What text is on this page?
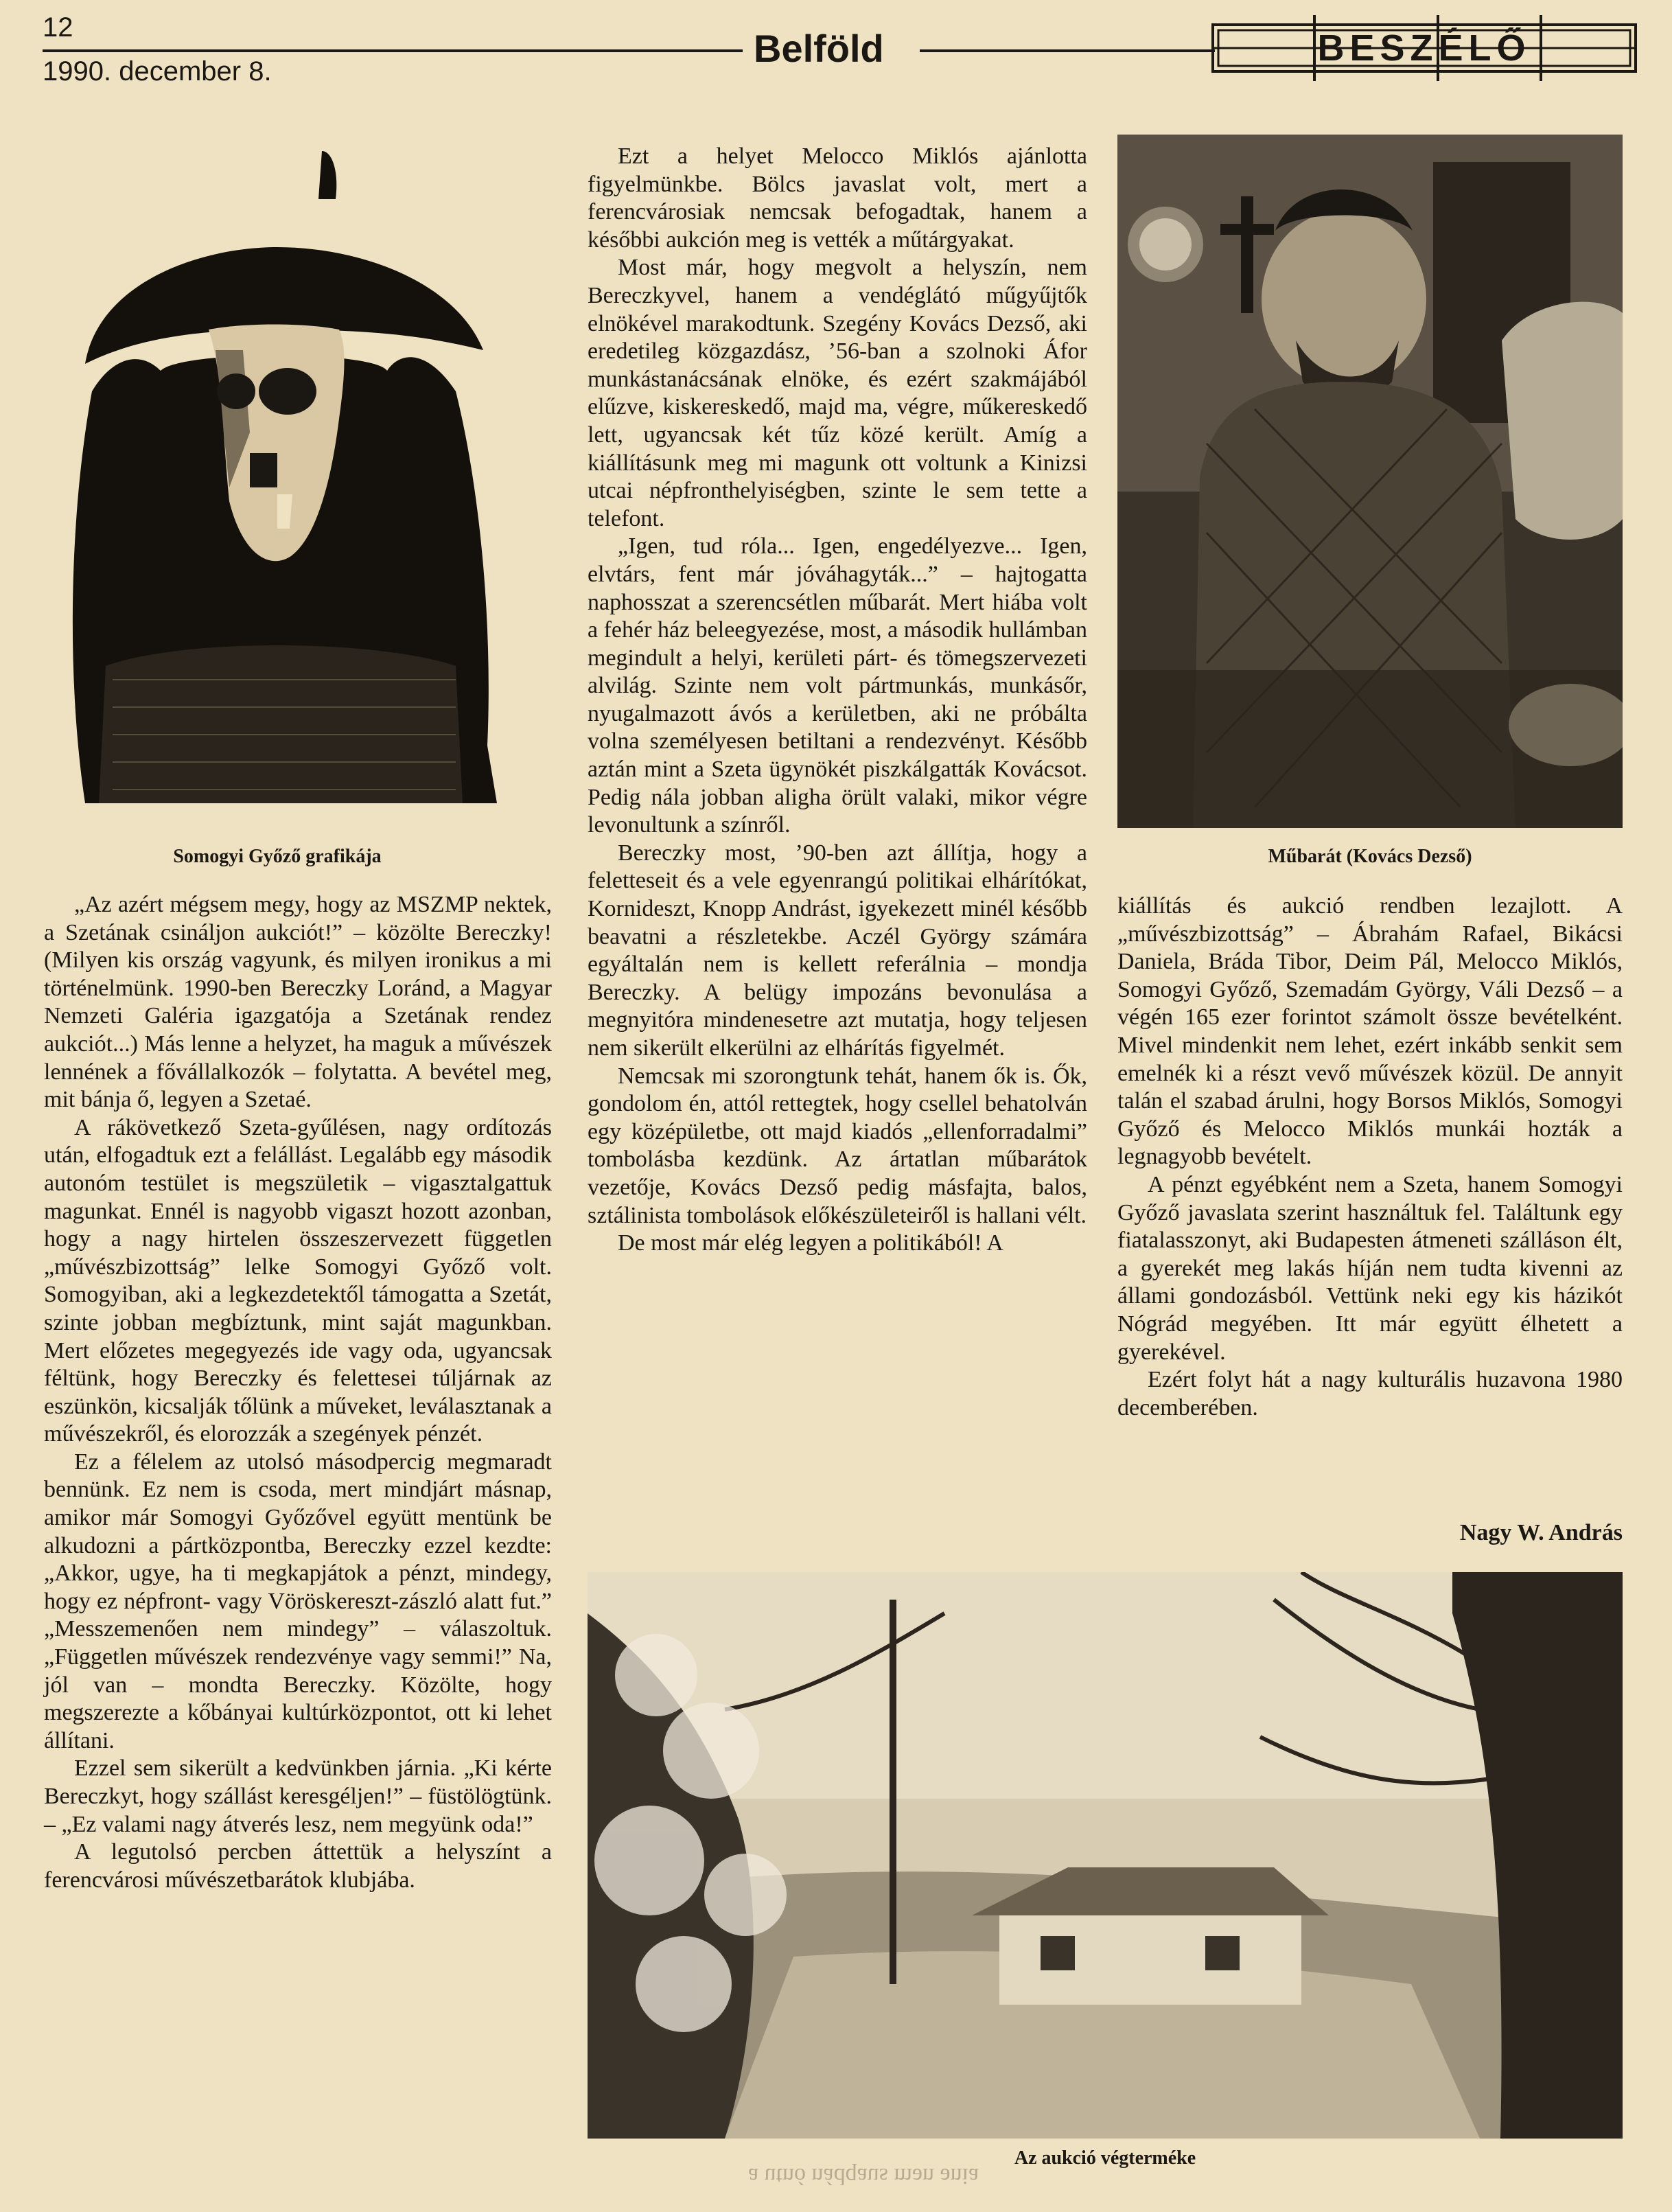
12
1990. december 8.
Belföld	BESZÉLŐ
Somogyi Győző grafikája	Műbarát (Kovács Dezső)

„Az azért mégsem megy, hogy az MSZMP nektek, a Szetának csináljon aukciót!” – közölte Bereczky! (Milyen kis ország vagyunk, és milyen ironikus a mi történelmünk. 1990-ben Bereczky Loránd, a Magyar Nemzeti Galéria igazgatója a Szetának rendez aukciót...) Más lenne a helyzet, ha maguk a művészek lennének a fővállalkozók – folytatta. A bevétel meg, mit bánja ő, legyen a Szetaé.

A rákövetkező Szeta-gyűlésen, nagy ordítozás után, elfogadtuk ezt a felállást. Legalább egy második autonóm testület is megszületik – vigasztalgattuk magunkat. Ennél is nagyobb vigaszt hozott azonban, hogy a nagy hirtelen összeszervezett független „művészbizottság” lelke Somogyi Győző volt. Somogyiban, aki a legkezdetektől támogatta a Szetát, szinte jobban megbíztunk, mint saját magunkban. Mert előzetes megegyezés ide vagy oda, ugyancsak féltünk, hogy Bereczky és felettesei túljárnak az eszünkön, kicsalják tőlünk a műveket, leválasztanak a művészekről, és elorozzák a szegények pénzét.

Ez a félelem az utolsó másodpercig megmaradt bennünk. Ez nem is csoda, mert mindjárt másnap, amikor már Somogyi Győzővel együtt mentünk be alkudozni a pártközpontba, Bereczky ezzel kezdte: „Akkor, ugye, ha ti megkapjátok a pénzt, mindegy, hogy ez népfront- vagy Vöröskereszt-zászló alatt fut.” „Messzemenően nem mindegy” – válaszoltuk. „Független művészek rendezvénye vagy semmi!” Na, jól van – mondta Bereczky. Közölte, hogy megszerezte a kőbányai kultúrközpontot, ott ki lehet állítani.

Ezzel sem sikerült a kedvünkben járnia. „Ki kérte Bereczkyt, hogy szállást keresgéljen!” – füstölögtünk. – „Ez valami nagy átverés lesz, nem megyünk oda!”

A legutolsó percben áttettük a helyszínt a ferencvárosi művészetbarátok klubjába.

Ezt a helyet Melocco Miklós ajánlotta figyelmünkbe. Bölcs javaslat volt, mert a ferencvárosiak nemcsak befogadtak, hanem a későbbi aukción meg is vették a műtárgyakat.

Most már, hogy megvolt a helyszín, nem Bereczkyvel, hanem a vendéglátó műgyűjtők elnökével marakodtunk. Szegény Kovács Dezső, aki eredetileg közgazdász, ’56-ban a szolnoki Áfor munkástanácsának elnöke, és ezért szakmájából elűzve, kiskereskedő, majd ma, végre, műkereskedő lett, ugyancsak két tűz közé került. Amíg a kiállításunk meg mi magunk ott voltunk a Kinizsi utcai népfronthelyiségben, szinte le sem tette a telefont.

„Igen, tud róla... Igen, engedélyezve... Igen, elvtárs, fent már jóváhagyták...” – hajtogatta naphosszat a szerencsétlen műbarát. Mert hiába volt a fehér ház beleegyezése, most, a második hullámban megindult a helyi, kerületi párt- és tömegszervezeti alvilág. Szinte nem volt pártmunkás, munkásőr, nyugalmazott ávós a kerületben, aki ne próbálta volna személyesen betiltani a rendezvényt. Később aztán mint a Szeta ügynökét piszkálgatták Kovácsot. Pedig nála jobban aligha örült valaki, mikor végre levonultunk a színről.

Bereczky most, ’90-ben azt állítja, hogy a feletteseit és a vele egyenrangú politikai elhárítókat, Kornideszt, Knopp Andrást, igyekezett minél később beavatni a részletekbe. Aczél György számára egyáltalán nem is kellett referálnia – mondja Bereczky. A belügy impozáns bevonulása a megnyitóra mindenesetre azt mutatja, hogy teljesen nem sikerült elkerülni az elhárítás figyelmét.

Nemcsak mi szorongtunk tehát, hanem ők is. Ők, gondolom én, attól rettegtek, hogy csellel behatolván egy középületbe, ott majd kiadós „ellenforradalmi” tombolásba kezdünk. Az ártatlan műbarátok vezetője, Kovács Dezső pedig másfajta, balos, sztálinista tombolások előkészületeiről is hallani vélt.

De most már elég legyen a politikából! A

kiállítás és aukció rendben lezajlott. A „művészbizottság” – Ábrahám Rafael, Bikácsi Daniela, Bráda Tibor, Deim Pál, Melocco Miklós, Somogyi Győző, Szemadám György, Váli Dezső – a végén 165 ezer forintot számolt össze bevételként. Mivel mindenkit nem lehet, ezért inkább senkit sem emelnék ki a részt vevő művészek közül. De annyit talán el szabad árulni, hogy Borsos Miklós, Somogyi Győző és Melocco Miklós munkái hozták a legnagyobb bevételt.

A pénzt egyébként nem a Szeta, hanem Somogyi Győző javaslata szerint használtuk fel. Találtunk egy fiatalasszonyt, aki Budapesten átmeneti szálláson élt, a gyerekét meg lakás híján nem tudta kivenni az állami gondozásból. Vettünk neki egy kis házikót Nógrád megyében. Itt már együtt élhetett a gyerekével.

Ezért folyt hát a nagy kulturális huzavona 1980 decemberében.

Nagy W. András
Az aukció végterméke
a utnó nádqaus mən ənia
